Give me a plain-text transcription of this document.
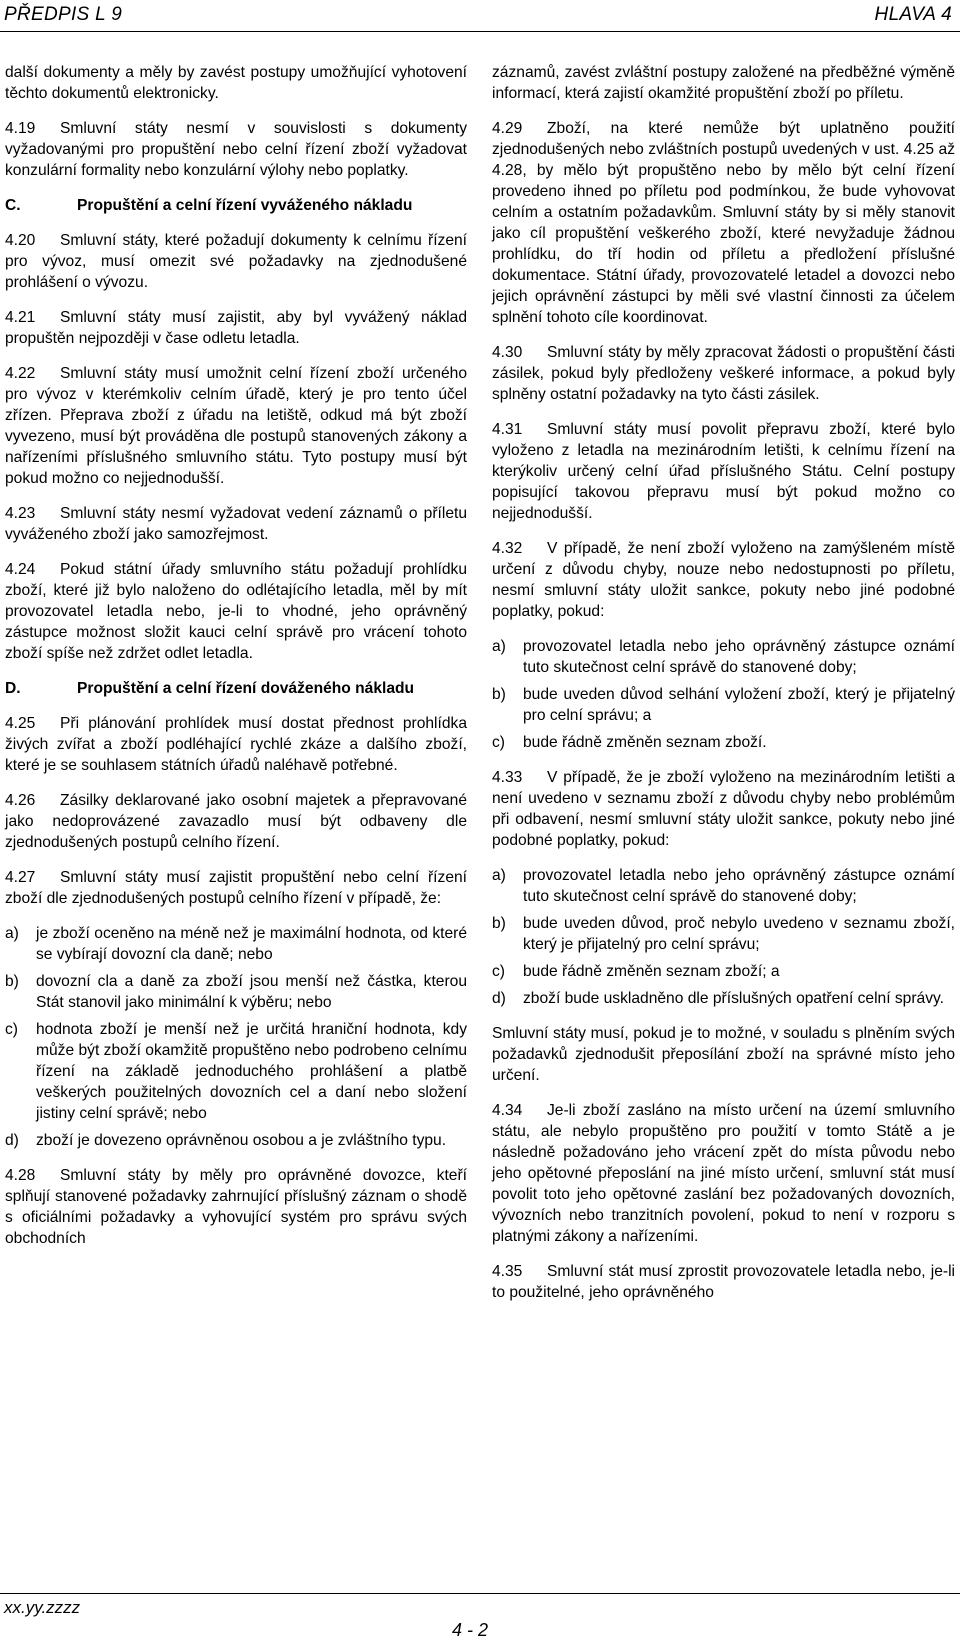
PŘEDPIS L 9	HLAVA 4

další dokumenty a měly by zavést postupy umožňující vyhotovení těchto dokumentů elektronicky.

4.19 Smluvní státy nesmí v souvislosti s dokumenty vyžadovanými pro propuštění nebo celní řízení zboží vyžadovat konzulární formality nebo konzulární výlohy nebo poplatky.

C.	Propuštění a celní řízení vyváženého nákladu

4.20 Smluvní státy, které požadují dokumenty k celnímu řízení pro vývoz, musí omezit své požadavky na zjednodušené prohlášení o vývozu.

4.21 Smluvní státy musí zajistit, aby byl vyvážený náklad propuštěn nejpozději v čase odletu letadla.

4.22 Smluvní státy musí umožnit celní řízení zboží určeného pro vývoz v kterémkoliv celním úřadě, který je pro tento účel zřízen. Přeprava zboží z úřadu na letiště, odkud má být zboží vyvezeno, musí být prováděna dle postupů stanovených zákony a nařízeními příslušného smluvního státu. Tyto postupy musí být pokud možno co nejjednodušší.

4.23 Smluvní státy nesmí vyžadovat vedení záznamů o příletu vyváženého zboží jako samozřejmost.

4.24 Pokud státní úřady smluvního státu požadují prohlídku zboží, které již bylo naloženo do odlétajícího letadla, měl by mít provozovatel letadla nebo, je-li to vhodné, jeho oprávněný zástupce možnost složit kauci celní správě pro vrácení tohoto zboží spíše než zdržet odlet letadla.

D.	Propuštění a celní řízení dováženého nákladu

4.25 Při plánování prohlídek musí dostat přednost prohlídka živých zvířat a zboží podléhající rychlé zkáze a dalšího zboží, které je se souhlasem státních úřadů naléhavě potřebné.

4.26 Zásilky deklarované jako osobní majetek a přepravované jako nedoprovázené zavazadlo musí být odbaveny dle zjednodušených postupů celního řízení.

4.27 Smluvní státy musí zajistit propuštění nebo celní řízení zboží dle zjednodušených postupů celního řízení v případě, že:

a)	je zboží oceněno na méně než je maximální hodnota, od které se vybírají dovozní cla daně; nebo
b)	dovozní cla a daně za zboží jsou menší než částka, kterou Stát stanovil jako minimální k výběru; nebo
c)	hodnota zboží je menší než je určitá hraniční hodnota, kdy může být zboží okamžitě propuštěno nebo podrobeno celnímu řízení na základě jednoduchého prohlášení a platbě veškerých použitelných dovozních cel a daní nebo složení jistiny celní správě; nebo
d)	zboží je dovezeno oprávněnou osobou a je zvláštního typu.

4.28 Smluvní státy by měly pro oprávněné dovozce, kteří splňují stanovené požadavky zahrnující příslušný záznam o shodě s oficiálními požadavky a vyhovující systém pro správu svých obchodních

záznamů, zavést zvláštní postupy založené na předběžné výměně informací, která zajistí okamžité propuštění zboží po příletu.

4.29 Zboží, na které nemůže být uplatněno použití zjednodušených nebo zvláštních postupů uvedených v ust. 4.25 až 4.28, by mělo být propuštěno nebo by mělo být celní řízení provedeno ihned po příletu pod podmínkou, že bude vyhovovat celním a ostatním požadavkům. Smluvní státy by si měly stanovit jako cíl propuštění veškerého zboží, které nevyžaduje žádnou prohlídku, do tří hodin od příletu a předložení příslušné dokumentace. Státní úřady, provozovatelé letadel a dovozci nebo jejich oprávnění zástupci by měli své vlastní činnosti za účelem splnění tohoto cíle koordinovat.

4.30 Smluvní státy by měly zpracovat žádosti o propuštění části zásilek, pokud byly předloženy veškeré informace, a pokud byly splněny ostatní požadavky na tyto části zásilek.

4.31 Smluvní státy musí povolit přepravu zboží, které bylo vyloženo z letadla na mezinárodním letišti, k celnímu řízení na kterýkoliv určený celní úřad příslušného Státu. Celní postupy popisující takovou přepravu musí být pokud možno co nejjednodušší.

4.32 V případě, že není zboží vyloženo na zamýšleném místě určení z důvodu chyby, nouze nebo nedostupnosti po příletu, nesmí smluvní státy uložit sankce, pokuty nebo jiné podobné poplatky, pokud:

a)	provozovatel letadla nebo jeho oprávněný zástupce oznámí tuto skutečnost celní správě do stanovené doby;
b)	bude uveden důvod selhání vyložení zboží, který je přijatelný pro celní správu; a
c)	bude řádně změněn seznam zboží.

4.33 V případě, že je zboží vyloženo na mezinárodním letišti a není uvedeno v seznamu zboží z důvodu chyby nebo problémům při odbavení, nesmí smluvní státy uložit sankce, pokuty nebo jiné podobné poplatky, pokud:

a)	provozovatel letadla nebo jeho oprávněný zástupce oznámí tuto skutečnost celní správě do stanovené doby;
b)	bude uveden důvod, proč nebylo uvedeno v seznamu zboží, který je přijatelný pro celní správu;
c)	bude řádně změněn seznam zboží; a
d)	zboží bude uskladněno dle příslušných opatření celní správy.

Smluvní státy musí, pokud je to možné, v souladu s plněním svých požadavků zjednodušit přeposílání zboží na správné místo jeho určení.

4.34 Je-li zboží zasláno na místo určení na území smluvního státu, ale nebylo propuštěno pro použití v tomto Státě a je následně požadováno jeho vrácení zpět do místa původu nebo jeho opětovné přeposlání na jiné místo určení, smluvní stát musí povolit toto jeho opětovné zaslání bez požadovaných dovozních, vývozních nebo tranzitních povolení, pokud to není v rozporu s platnými zákony a nařízeními.

4.35 Smluvní stát musí zprostit provozovatele letadla nebo, je-li to použitelné, jeho oprávněného

xx.yy.zzzz
4 - 2
